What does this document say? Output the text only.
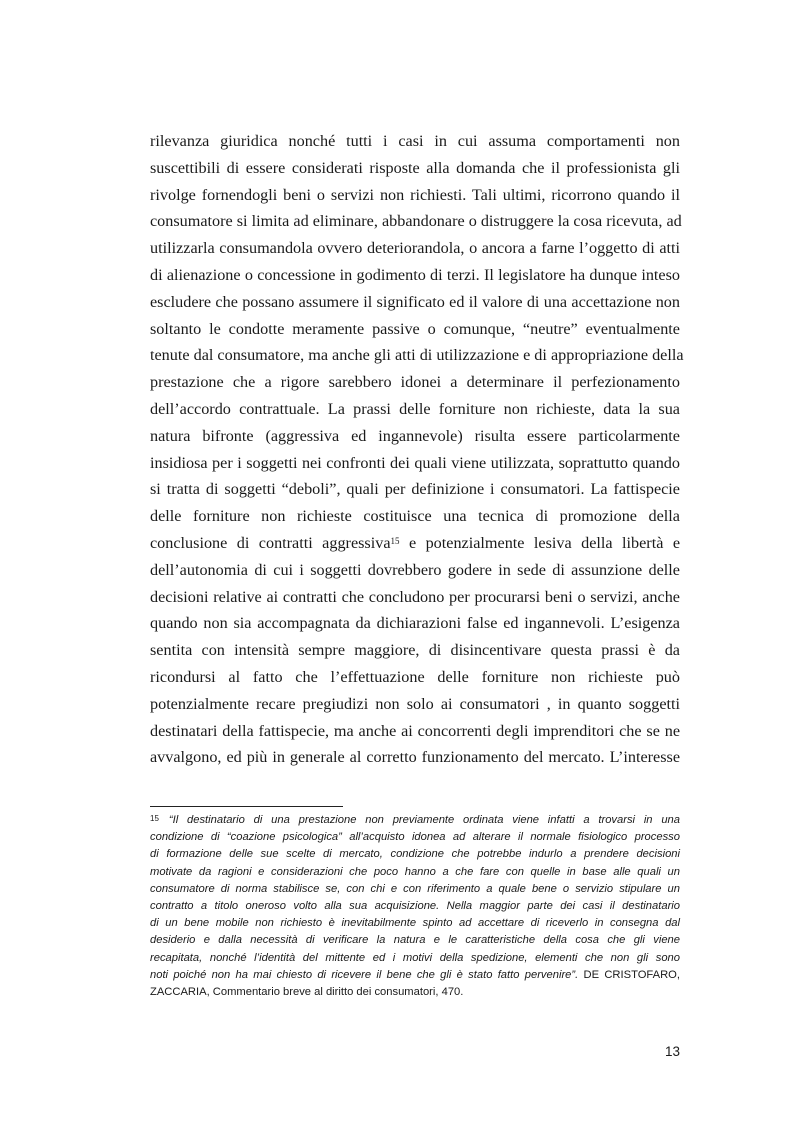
rilevanza giuridica nonché tutti i casi in cui assuma comportamenti non
suscettibili di essere considerati risposte alla domanda che il professionista gli
rivolge fornendogli beni o servizi non richiesti. Tali ultimi, ricorrono quando il
consumatore si limita ad eliminare, abbandonare o distruggere la cosa ricevuta, ad
utilizzarla consumandola ovvero deteriorandola, o ancora a farne l’oggetto di atti
di alienazione o concessione in godimento di terzi. Il legislatore ha dunque inteso
escludere che possano assumere il significato ed il valore di una accettazione non
soltanto le condotte meramente passive o comunque, “neutre” eventualmente
tenute dal consumatore, ma anche gli atti di utilizzazione e di appropriazione della
prestazione che a rigore sarebbero idonei a determinare il perfezionamento
dell’accordo contrattuale. La prassi delle forniture non richieste, data la sua
natura bifronte (aggressiva ed ingannevole) risulta essere particolarmente
insidiosa per i soggetti nei confronti dei quali viene utilizzata, soprattutto quando
si tratta di soggetti “deboli”, quali per definizione i consumatori. La fattispecie
delle forniture non richieste costituisce una tecnica di promozione della
conclusione di contratti aggressiva$^{15}$ e potenzialmente lesiva della libertà e
dell’autonomia di cui i soggetti dovrebbero godere in sede di assunzione delle
decisioni relative ai contratti che concludono per procurarsi beni o servizi, anche
quando non sia accompagnata da dichiarazioni false ed ingannevoli. L’esigenza
sentita con intensità sempre maggiore, di disincentivare questa prassi è da
ricondursi al fatto che l’effettuazione delle forniture non richieste può
potenzialmente recare pregiudizi non solo ai consumatori , in quanto soggetti
destinatari della fattispecie, ma anche ai concorrenti degli imprenditori che se ne
avvalgono, ed più in generale al corretto funzionamento del mercato. L’interesse
$^{15}$ “Il destinatario di una prestazione non previamente ordinata viene infatti a trovarsi in una
condizione di “coazione psicologica” all’acquisto idonea ad alterare il normale fisiologico processo
di formazione delle sue scelte di mercato, condizione che potrebbe indurlo a prendere decisioni
motivate da ragioni e considerazioni che poco hanno a che fare con quelle in base alle quali un
consumatore di norma stabilisce se, con chi e con riferimento a quale bene o servizio stipulare un
contratto a titolo oneroso volto alla sua acquisizione. Nella maggior parte dei casi il destinatario
di un bene mobile non richiesto è inevitabilmente spinto ad accettare di riceverlo in consegna dal
desiderio e dalla necessità di verificare la natura e le caratteristiche della cosa che gli viene
recapitata, nonché l’identità del mittente ed i motivi della spedizione, elementi che non gli sono
noti poiché non ha mai chiesto di ricevere il bene che gli è stato fatto pervenire”. DE CRISTOFARO,
ZACCARIA, Commentario breve al diritto dei consumatori, 470.
13
